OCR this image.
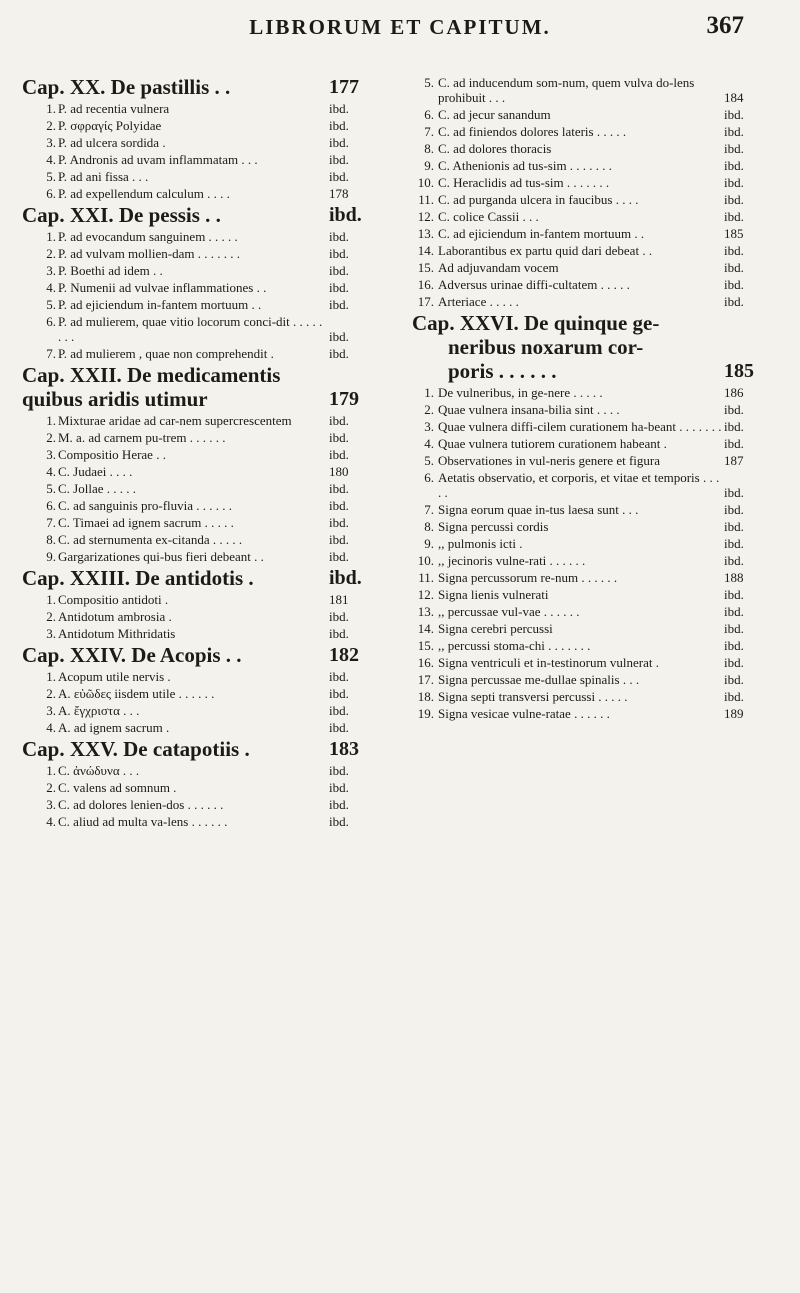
LIBRORUM ET CAPITUM.	367
Cap. XX. De pastillis . .	177
1. P. ad recentia vulnera	ibd.
2. P. σφραγίς Polyidae	ibd.
3. P. ad ulcera sordida .	ibd.
4. P. Andronis ad uvam inflammatam . . .	ibd.
5. P. ad ani fissa . . .	ibd.
6. P. ad expellendum calculum . . . .	178
Cap. XXI. De pessis . .	ibd.
1. P. ad evocandum sanguinem . . . . .	ibd.
2. P. ad vulvam mollien-dam . . . . . . .	ibd.
3. P. Boethi ad idem . .	ibd.
4. P. Numenii ad vulvae inflammationes . .	ibd.
5. P. ad ejiciendum in-fantem mortuum . .	ibd.
6. P. ad mulierem, quae vitio locorum conci-dit . . . . . . . .	ibd.
7. P. ad mulierem , quae non comprehendit .	ibd.
Cap. XXII. De medicamentis quibus aridis utimur	179
1. Mixturae aridae ad car-nem supercrescentem	ibd.
2. M. a. ad carnem pu-trem . . . . . .	ibd.
3. Compositio Herae . .	ibd.
4. C. Judaei . . . .	180
5. C. Jollae . . . . .	ibd.
6. C. ad sanguinis pro-fluvia . . . . . .	ibd.
7. C. Timaei ad ignem sacrum . . . . .	ibd.
8. C. ad sternumenta ex-citanda . . . . .	ibd.
9. Gargarizationes qui-bus fieri debeant . .	ibd.
Cap. XXIII. De antidotis .	ibd.
1. Compositio antidoti .	181
2. Antidotum ambrosia .	ibd.
3. Antidotum Mithridatis	ibd.
Cap. XXIV. De Acopis . .	182
1. Acopum utile nervis .	ibd.
2. A. εὐῶδες iisdem utile . . . . . .	ibd.
3. A. ἔγχριστα . . .	ibd.
4. A. ad ignem sacrum .	ibd.
Cap. XXV. De catapotiis .	183
1. C. ἀνώδυνα . . .	ibd.
2. C. valens ad somnum .	ibd.
3. C. ad dolores lenien-dos . . . . . .	ibd.
4. C. aliud ad multa va-lens . . . . . .	ibd.
5. C. ad inducendum som-num, quem vulva do-lens prohibuit . . .	184
6. C. ad jecur sanandum	ibd.
7. C. ad finiendos dolores lateris . . . . .	ibd.
8. C. ad dolores thoracis	ibd.
9. C. Athenionis ad tus-sim . . . . . . .	ibd.
10. C. Heraclidis ad tus-sim . . . . . . .	ibd.
11. C. ad purganda ulcera in faucibus . . . .	ibd.
12. C. colice Cassii . . .	ibd.
13. C. ad ejiciendum in-fantem mortuum . .	185
14. Laborantibus ex partu quid dari debeat . .	ibd.
15. Ad adjuvandam vocem	ibd.
16. Adversus urinae diffi-cultatem . . . . .	ibd.
17. Arteriace . . . . .	ibd.
Cap. XXVI. De quinque ge-
neribus noxarum cor-
poris . . . . . .	185
1. De vulneribus, in ge-nere . . . . .	186
2. Quae vulnera insana-bilia sint . . . .	ibd.
3. Quae vulnera diffi-cilem curationem ha-beant . . . . . . . ibd.
4. Quae vulnera tutiorem curationem habeant .	ibd.
5. Observationes in vul-neris genere et figura	187
6. Aetatis observatio, et corporis, et vitae et temporis . . . . .	ibd.
7. Signa eorum quae in-tus laesa sunt . . .	ibd.
8. Signa percussi cordis	ibd.
9. ,, pulmonis icti .	ibd.
10. ,, jecinoris vulne-rati . . . . . .	ibd.
11. Signa percussorum re-num . . . . . .	188
12. Signa lienis vulnerati	ibd.
13. ,, percussae vul-vae . . . . . .	ibd.
14. Signa cerebri percussi	ibd.
15. ,, percussi stoma-chi . . . . . . .	ibd.
16. Signa ventriculi et in-testinorum vulnerat .	ibd.
17. Signa percussae me-dullae spinalis . . .	ibd.
18. Signa septi transversi percussi . . . . .	ibd.
19. Signa vesicae vulne-ratae . . . . . .	189
